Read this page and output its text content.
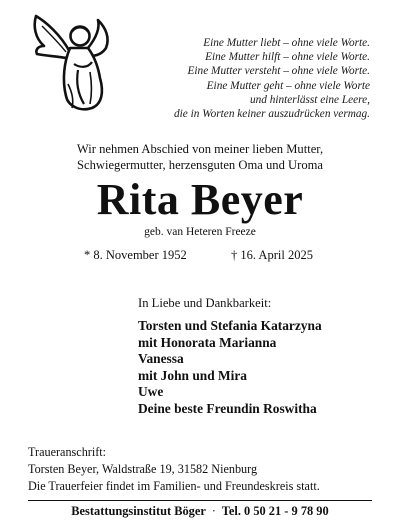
Eine Mutter liebt – ohne viele Worte.
Eine Mutter hilft – ohne viele Worte.
Eine Mutter versteht – ohne viele Worte.
Eine Mutter geht – ohne viele Worte
und hinterlässt eine Leere,
die in Worten keiner auszudrücken vermag.
Wir nehmen Abschied von meiner lieben Mutter,
Schwiegermutter, herzensguten Oma und Uroma
Rita Beyer
geb. van Heteren Freeze
* 8. November 1952	† 16. April 2025
In Liebe und Dankbarkeit:
Torsten und Stefania Katarzyna
mit Honorata Marianna
Vanessa
mit John und Mira
Uwe
Deine beste Freundin Roswitha
Traueranschrift:
Torsten Beyer, Waldstraße 19, 31582 Nienburg
Die Trauerfeier findet im Familien- und Freundeskreis statt.
Bestattungsinstitut Böger · Tel. 0 50 21 - 9 78 90
